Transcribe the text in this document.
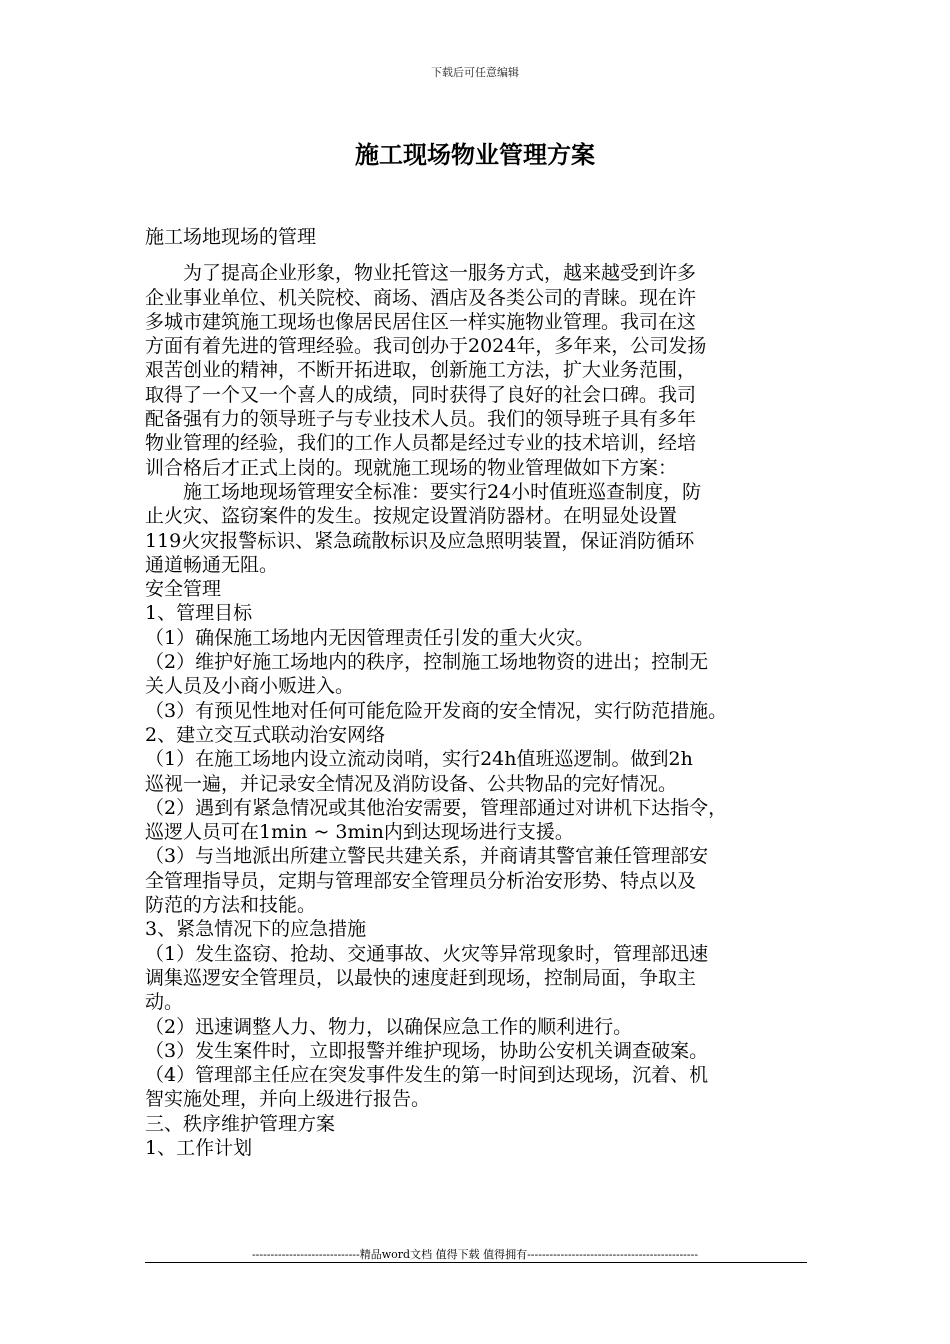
下载后可任意编辑
施工现场物业管理方案
施工场地现场的管理
　　为了提高企业形象，物业托管这一服务方式，越来越受到许多
企业事业单位、机关院校、商场、酒店及各类公司的青睐。现在许
多城市建筑施工现场也像居民居住区一样实施物业管理。我司在这
方面有着先进的管理经验。我司创办于2024年，多年来，公司发扬
艰苦创业的精神，不断开拓进取，创新施工方法，扩大业务范围，
取得了一个又一个喜人的成绩，同时获得了良好的社会口碑。我司
配备强有力的领导班子与专业技术人员。我们的领导班子具有多年
物业管理的经验，我们的工作人员都是经过专业的技术培训，经培
训合格后才正式上岗的。现就施工现场的物业管理做如下方案：
　　施工场地现场管理安全标准：要实行24小时值班巡查制度，防
止火灾、盗窃案件的发生。按规定设置消防器材。在明显处设置
119火灾报警标识、紧急疏散标识及应急照明装置，保证消防循环
通道畅通无阻。
安全管理
1、管理目标
（1）确保施工场地内无因管理责任引发的重大火灾。
（2）维护好施工场地内的秩序，控制施工场地物资的进出；控制无
关人员及小商小贩进入。
（3）有预见性地对任何可能危险开发商的安全情况，实行防范措施。
2、建立交互式联动治安网络
（1）在施工场地内设立流动岗哨，实行24h值班巡逻制。做到2h
巡视一遍，并记录安全情况及消防设备、公共物品的完好情况。
（2）遇到有紧急情况或其他治安需要，管理部通过对讲机下达指令，
巡逻人员可在1min ~ 3min内到达现场进行支援。
（3）与当地派出所建立警民共建关系，并商请其警官兼任管理部安
全管理指导员，定期与管理部安全管理员分析治安形势、特点以及
防范的方法和技能。
3、紧急情况下的应急措施
（1）发生盗窃、抢劫、交通事故、火灾等异常现象时，管理部迅速
调集巡逻安全管理员，以最快的速度赶到现场，控制局面，争取主
动。
（2）迅速调整人力、物力，以确保应急工作的顺利进行。
（3）发生案件时，立即报警并维护现场，协助公安机关调查破案。
（4）管理部主任应在突发事件发生的第一时间到达现场，沉着、机
智实施处理，并向上级进行报告。
三、秩序维护管理方案
1、工作计划
-----------------------------精品word文档 值得下载 值得拥有----------------------------------------------
